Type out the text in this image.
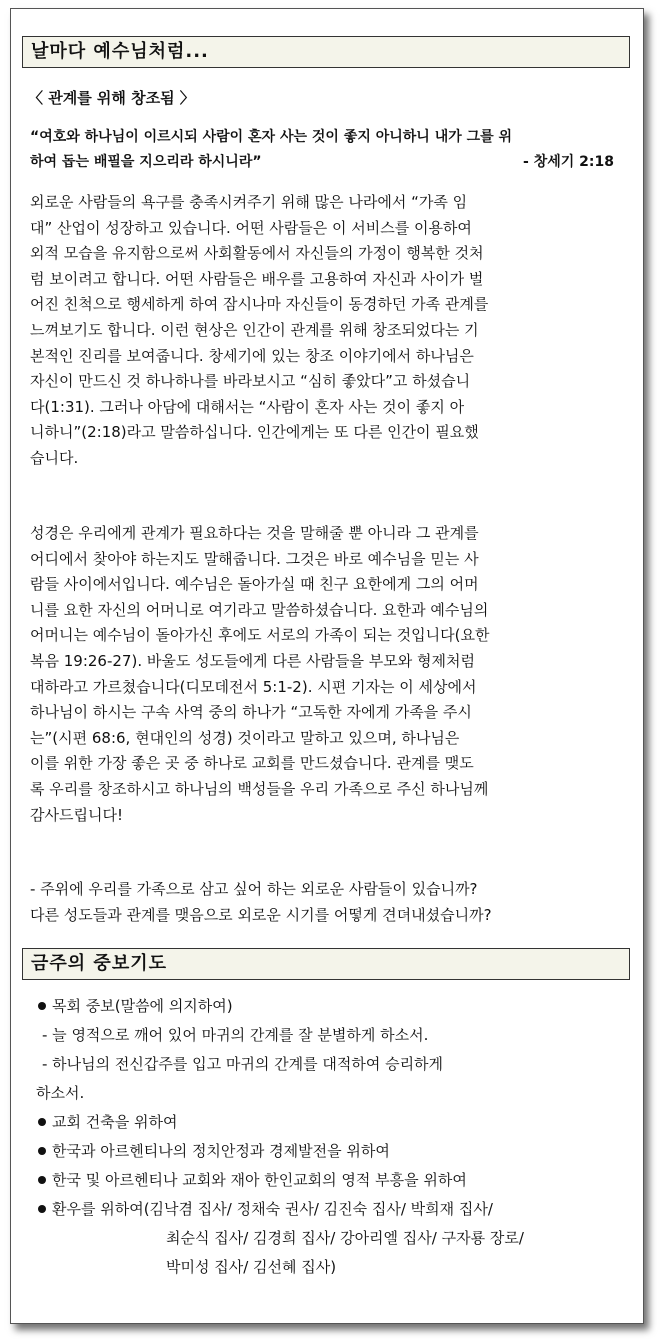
날마다 예수님처럼...
〈 관계를 위해 창조됨 〉
“여호와 하나님이 이르시되 사람이 혼자 사는 것이 좋지 아니하니 내가 그를 위
하여 돕는 배필을 지으리라 하시니라”	- 창세기 2:18
외로운 사람들의 욕구를 충족시켜주기 위해 많은 나라에서 “가족 임
대” 산업이 성장하고 있습니다. 어떤 사람들은 이 서비스를 이용하여
외적 모습을 유지함으로써 사회활동에서 자신들의 가정이 행복한 것처
럼 보이려고 합니다. 어떤 사람들은 배우를 고용하여 자신과 사이가 벌
어진 친척으로 행세하게 하여 잠시나마 자신들이 동경하던 가족 관계를
느껴보기도 합니다. 이런 현상은 인간이 관계를 위해 창조되었다는 기
본적인 진리를 보여줍니다. 창세기에 있는 창조 이야기에서 하나님은
자신이 만드신 것 하나하나를 바라보시고 “심히 좋았다”고 하셨습니
다(1:31). 그러나 아담에 대해서는 “사람이 혼자 사는 것이 좋지 아
니하니”(2:18)라고 말씀하십니다. 인간에게는 또 다른 인간이 필요했
습니다.
성경은 우리에게 관계가 필요하다는 것을 말해줄 뿐 아니라 그 관계를
어디에서 찾아야 하는지도 말해줍니다. 그것은 바로 예수님을 믿는 사
람들 사이에서입니다. 예수님은 돌아가실 때 친구 요한에게 그의 어머
니를 요한 자신의 어머니로 여기라고 말씀하셨습니다. 요한과 예수님의
어머니는 예수님이 돌아가신 후에도 서로의 가족이 되는 것입니다(요한
복음 19:26-27). 바울도 성도들에게 다른 사람들을 부모와 형제처럼
대하라고 가르쳤습니다(디모데전서 5:1-2). 시편 기자는 이 세상에서
하나님이 하시는 구속 사역 중의 하나가 “고독한 자에게 가족을 주시
는”(시편 68:6, 현대인의 성경) 것이라고 말하고 있으며, 하나님은
이를 위한 가장 좋은 곳 중 하나로 교회를 만드셨습니다. 관계를 맺도
록 우리를 창조하시고 하나님의 백성들을 우리 가족으로 주신 하나님께
감사드립니다!
- 주위에 우리를 가족으로 삼고 싶어 하는 외로운 사람들이 있습니까?
다른 성도들과 관계를 맺음으로 외로운 시기를 어떻게 견뎌내셨습니까?
금주의 중보기도
목회 중보(말씀에 의지하여)
- 늘 영적으로 깨어 있어 마귀의 간계를 잘 분별하게 하소서.
- 하나님의 전신갑주를 입고 마귀의 간계를 대적하여 승리하게
하소서.
교회 건축을 위하여
한국과 아르헨티나의 정치안정과 경제발전을 위하여
한국 및 아르헨티나 교회와 재아 한인교회의 영적 부흥을 위하여
환우를 위하여(김낙겸 집사/ 정채숙 권사/ 김진숙 집사/ 박희재 집사/
최순식 집사/ 김경희 집사/ 강아리엘 집사/ 구자룡 장로/
박미성 집사/ 김선혜 집사)
